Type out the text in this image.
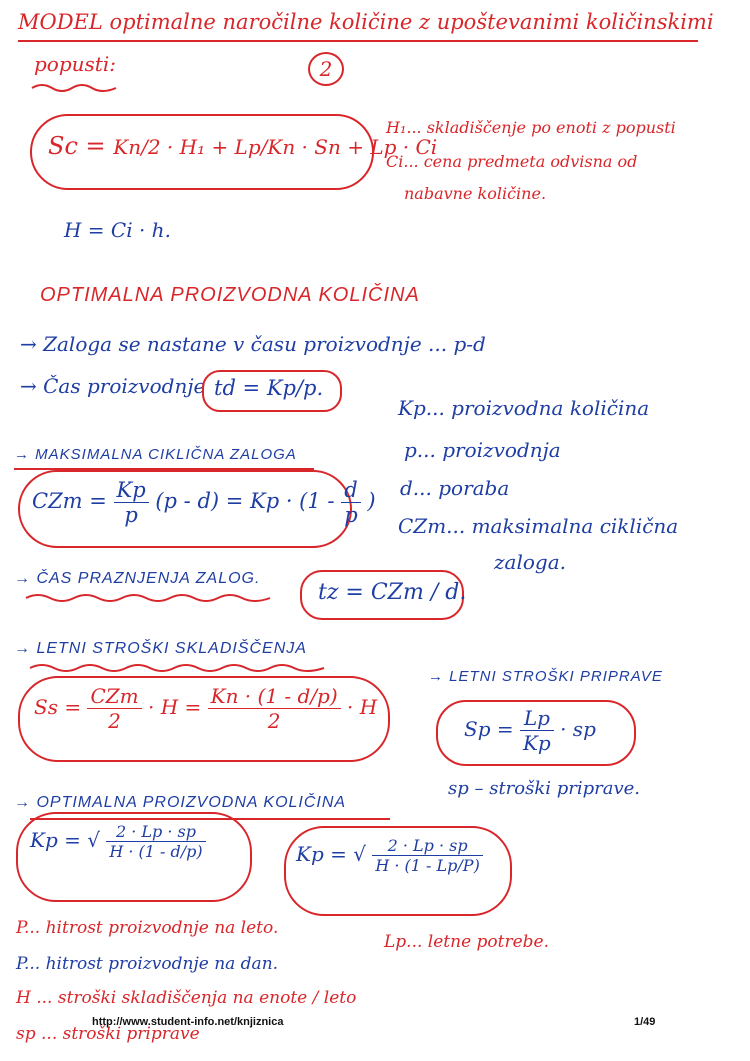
MODEL optimalne naročilne količine z upoštevanimi količinskimi
popusti:	2
Sc = Kn/2 · H₁ + Lp/Kn · Sn + Lp · Ci
H₁... skladiščenje po enoti z popusti
Ci... cena predmeta odvisna od
nabavne količine.
H = Ci · h.
OPTIMALNA PROIZVODNA KOLIČINA
→ Zaloga se nastane v času proizvodnje ... p-d
→ Čas proizvodnje td = Kp/p.
Kp... proizvodna količina
p... proizvodnja
d... poraba
CZm... maksimalna ciklična
zaloga.
→ MAKSIMALNA CIKLIČNA ZALOGA
CZm = $\frac{Kp}{p} (p - d) = Kp \cdot (1 - \frac{d}{p}$ )
→ ČAS PRAZNJENJA ZALOG.
tz = CZm / d.
→ LETNI STROŠKI SKLADIŠČENJA
$Ss = \frac{\text{CZm}}{2} \cdot H = \frac{Kn \cdot (1 - d/p)}{2} \cdot H$
→ LETNI STROŠKI PRIPRAVE
$Sp = \frac{Lp}{Kp}$ · sp
sp – stroški priprave.
→ OPTIMALNA PROIZVODNA KOLIČINA
Kp = √ $\frac{2 \cdot Lp \cdot sp}{H \cdot (1 - d/p)}$	Kp = √ $\frac{2 \cdot Lp \cdot sp}{H \cdot (1 - Lp/P)}$
P... hitrost proizvodnje na leto.
P... hitrost proizvodnje na dan.
H ... stroški skladiščenja na enote / leto
sp ... stroški priprave
Lp... letne potrebe.
http://www.student-info.net/knjiznica	1/49
